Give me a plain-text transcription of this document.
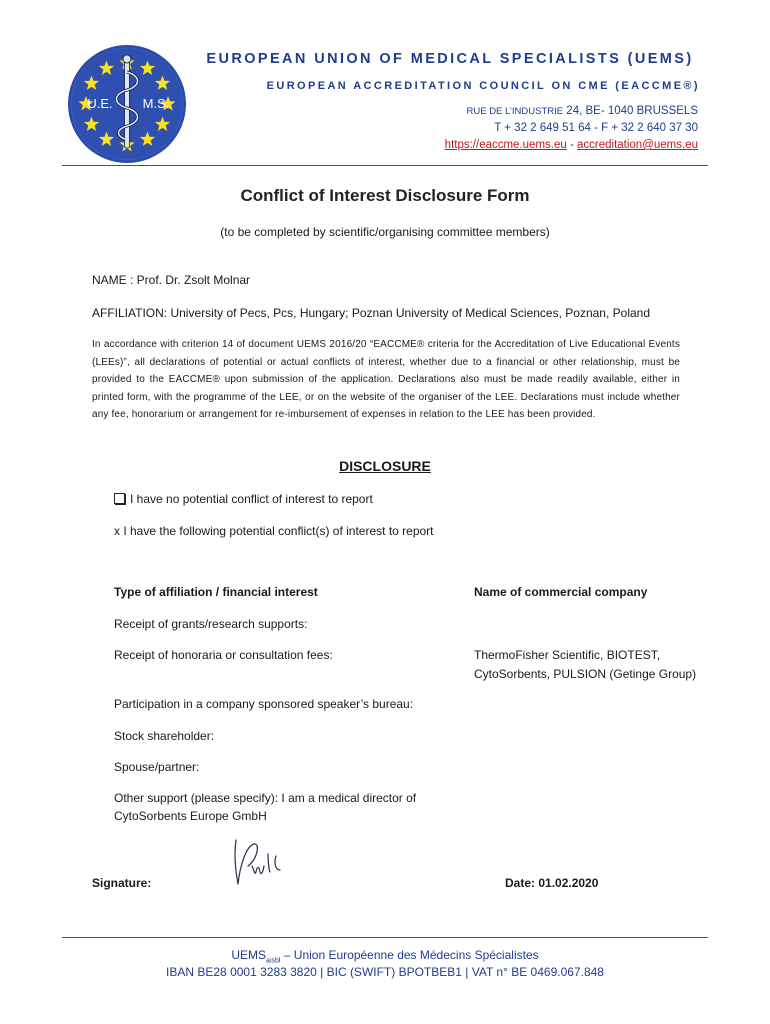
U.E. M.S.
EUROPEAN UNION OF MEDICAL SPECIALISTS (UEMS)
EUROPEAN ACCREDITATION COUNCIL ON CME (EACCME®)
RUE DE L’INDUSTRIE 24, BE- 1040 BRUSSELS
T + 32 2 649 51 64 - F + 32 2 640 37 30
https://eaccme.uems.eu - accreditation@uems.eu
Conflict of Interest Disclosure Form
(to be completed by scientific/organising committee members)
NAME : Prof. Dr. Zsolt Molnar
AFFILIATION: University of Pecs, Pcs, Hungary; Poznan University of Medical Sciences, Poznan, Poland
In accordance with criterion 14 of document UEMS 2016/20 “EACCME® criteria for the Accreditation of Live Educational Events (LEEs)”, all declarations of potential or actual conflicts of interest, whether due to a financial or other relationship, must be provided to the EACCME® upon submission of the application. Declarations also must be made readily available, either in printed form, with the programme of the LEE, or on the website of the organiser of the LEE. Declarations must include whether any fee, honorarium or arrangement for re-imbursement of expenses in relation to the LEE has been provided.
DISCLOSURE
I have no potential conflict of interest to report
x I have the following potential conflict(s) of interest to report
Type of affiliation / financial interest	Name of commercial company
Receipt of grants/research supports:
Receipt of honoraria or consultation fees:	ThermoFisher Scientific, BIOTEST,
CytoSorbents, PULSION (Getinge Group)
Participation in a company sponsored speaker’s bureau:
Stock shareholder:
Spouse/partner:
Other support (please specify): I am a medical director of
CytoSorbents Europe GmbH
Signature:	Date: 01.02.2020
$UEMS_{aisbl}$ – Union Européenne des Médecins Spécialistes
IBAN BE28 0001 3283 3820 | BIC (SWIFT) BPOTBEB1 | VAT n° BE 0469.067.848
